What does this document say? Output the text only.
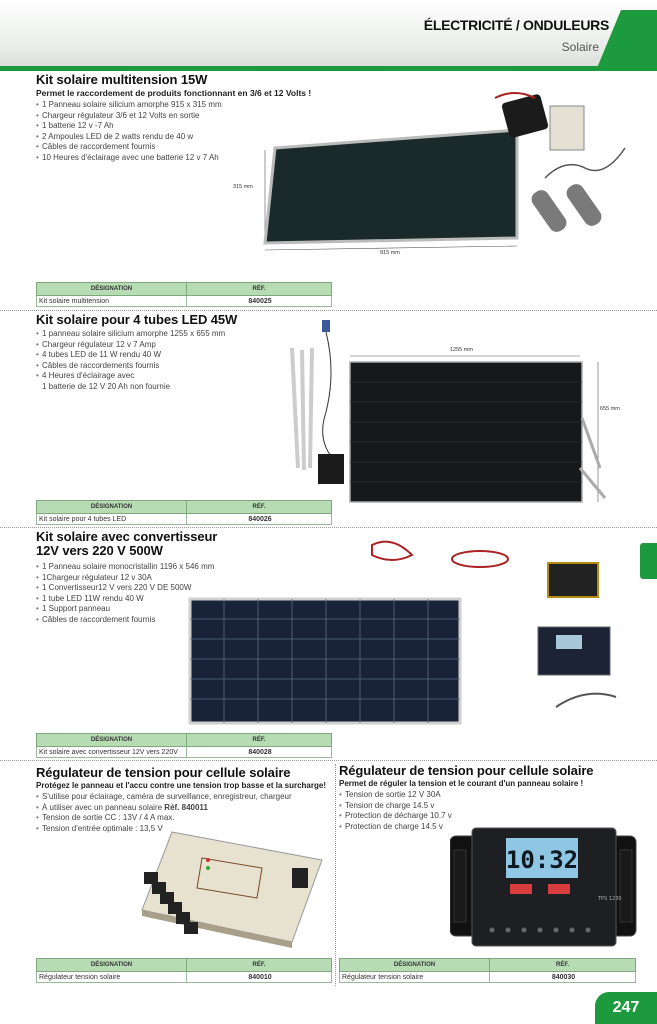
ÉLECTRICITÉ / ONDULEURS
Solaire
Kit solaire multitension 15W
Permet le raccordement de produits fonctionnant en 3/6 et 12 Volts !
• 1 Panneau solaire silicium amorphe 915 x 315 mm
• Chargeur régulateur 3/6 et 12 Volts en sortie
• 1 batterie 12 v -7 Ah
• 2 Ampoules LED de 2 watts rendu de 40 w
• Câbles de raccordement fournis
• 10 Heures d'éclairage avec une batterie 12 v 7 Ah
315 mm
915 mm
DÉSIGNATION	RÉF.
Kit solaire multitension	840025
Kit solaire pour 4 tubes LED 45W
• 1 panneau solaire silicium amorphe 1255 x 655 mm
• Chargeur régulateur 12 v 7 Amp
• 4 tubes LED de 11 W rendu 40 W
• Câbles de raccordements fournis
• 4 Heures d'éclairage avec
1 batterie de 12 V 20 Ah non fournie
1255 mm
655 mm
DÉSIGNATION	RÉF.
Kit solaire pour 4 tubes LED	840026
Kit solaire avec convertisseur
12V vers 220 V 500W
• 1 Panneau solaire monocristallin 1196 x 546 mm
• 1Chargeur régulateur 12 v 30A
• 1 Convertisseur12 V vers 220 V DE 500W
• 1 tube LED 11W rendu 40 W
• 1 Support panneau
• Câbles de raccordement fournis
DÉSIGNATION	RÉF.
Kit solaire avec convertisseur 12V vers 220V	840028
Régulateur de tension pour cellule solaire
Protégez le panneau et l'accu contre une tension trop basse et la surcharge!
• S'utilise pour éclairage, caméra de surveillance, enregistreur, chargeur
• À utiliser avec un panneau solaire Réf. 840011
• Tension de sortie CC : 13V / 4 A max.
• Tension d'entrée optimale : 13,5 V
DÉSIGNATION	RÉF.
Régulateur tension solaire	840010
Régulateur de tension pour cellule solaire
Permet de réguler la tension et le courant d'un panneau solaire !
• Tension de sortie 12 V 30A
• Tension de charge 14.5 v
• Protection de décharge 10.7 v
• Protection de charge 14.5 v
10:32
TPS 1230
DÉSIGNATION	RÉF.
Régulateur tension solaire	840030
247
